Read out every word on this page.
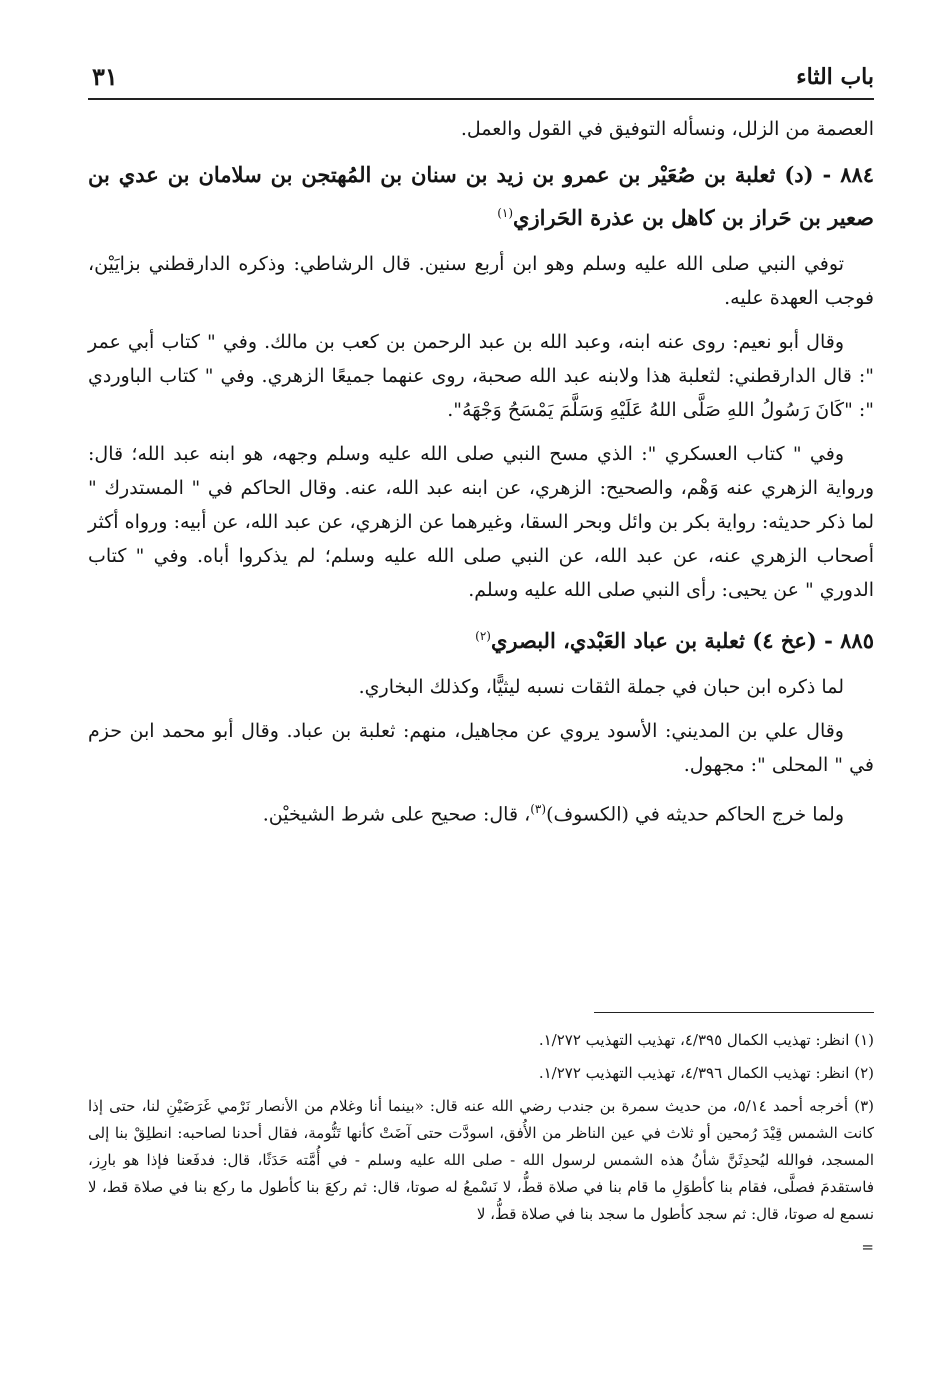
باب الثاء
٣١

العصمة من الزلل، ونسأله التوفيق في القول والعمل.

٨٨٤ - (د) ثعلبة بن صُعَيْر بن عمرو بن زيد بن سنان بن المُهتجن بن سلامان بن عدي بن صعير بن حَراز بن كاهل بن عذرة الحَرازي$^{(١)}$

توفي النبي صلى الله عليه وسلم وهو ابن أربع سنين. قال الرشاطي: وذكره الدارقطني بزايَيْن، فوجب العهدة عليه.

وقال أبو نعيم: روى عنه ابنه، وعبد الله بن عبد الرحمن بن كعب بن مالك. وفي " كتاب أبي عمر ": قال الدارقطني: لثعلبة هذا ولابنه عبد الله صحبة، روى عنهما جميعًا الزهري. وفي " كتاب الباوردي ": "كَانَ رَسُولُ اللهِ صَلَّى اللهُ عَلَيْهِ وَسَلَّمَ يَمْسَحُ وَجْهَهُ".

وفي " كتاب العسكري ": الذي مسح النبي صلى الله عليه وسلم وجهه، هو ابنه عبد الله؛ قال: ورواية الزهري عنه وَهْم، والصحيح: الزهري، عن ابنه عبد الله، عنه. وقال الحاكم في " المستدرك " لما ذكر حديثه: رواية بكر بن وائل وبحر السقا، وغيرهما عن الزهري، عن عبد الله، عن أبيه: ورواه أكثر أصحاب الزهري عنه، عن عبد الله، عن النبي صلى الله عليه وسلم؛ لم يذكروا أباه. وفي " كتاب الدوري " عن يحيى: رأى النبي صلى الله عليه وسلم.

٨٨٥ - (عخ ٤) ثعلبة بن عباد العَبْدي، البصري$^{(٢)}$

لما ذكره ابن حبان في جملة الثقات نسبه ليثيًّا، وكذلك البخاري.

وقال علي بن المديني: الأسود يروي عن مجاهيل، منهم: ثعلبة بن عباد. وقال أبو محمد ابن حزم في " المحلى ": مجهول.

ولما خرج الحاكم حديثه في (الكسوف)$^{(٣)}$، قال: صحيح على شرط الشيخيْن.

(١) انظر: تهذيب الكمال ٤/٣٩٥، تهذيب التهذيب ١/٢٧٢.

(٢) انظر: تهذيب الكمال ٤/٣٩٦، تهذيب التهذيب ١/٢٧٢.

(٣) أخرجه أحمد ٥/١٤، من حديث سمرة بن جندب رضي الله عنه قال: «بينما أنا وغلام من الأنصار نَرْمي غَرَضَيْنِ لنا، حتى إذا كانت الشمس قِيْدَ رُمحين أو ثلاث في عين الناظر من الأُفق، اسودَّت حتى آضَتْ كأنها تَنُّومة، فقال أحدنا لصاحبه: انطلِقْ بنا إلى المسجد، فوالله ليُحدِثَنَّ شأنُ هذه الشمس لرسول الله - صلى الله عليه وسلم - في أُمَّته حَدَثًا، قال: فدفَعنا فإذا هو بارِز، فاستقدمَ فصلَّى، فقام بنا كأطوَلِ ما قام بنا في صلاة قطُّ، لا نَسْمعُ له صوتا، قال: ثم ركعَ بنا كأطول ما ركع بنا في صلاة قط، لا نسمع له صوتا، قال: ثم سجد كأطول ما سجد بنا في صلاة قطُّ، لا

=
